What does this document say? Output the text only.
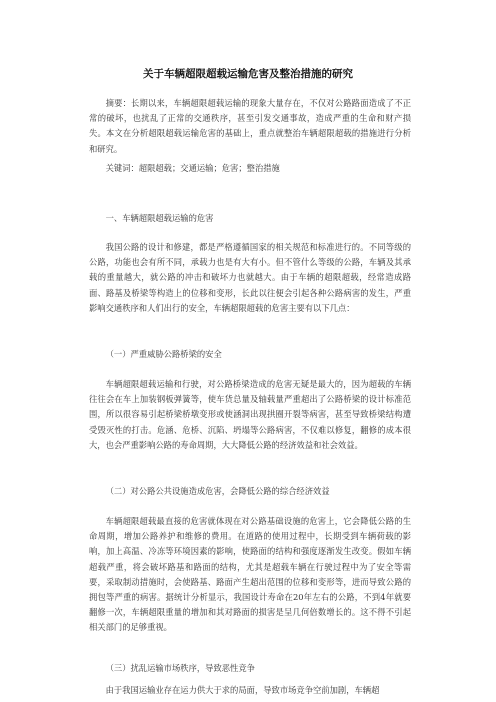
关于车辆超限超载运输危害及整治措施的研究
摘要：长期以来，车辆超限超载运输的现象大量存在，不仅对公路路面造成了不正常的破坏，也扰乱了正常的交通秩序，甚至引发交通事故，造成严重的生命和财产损失。本文在分析超限超载运输危害的基础上，重点就整治车辆超限超载的措施进行分析和研究。
关键词：超限超载；交通运输；危害；整治措施
一、车辆超限超载运输的危害
我国公路的设计和修建，都是严格遵循国家的相关规范和标准进行的。不同等级的公路，功能也会有所不同，承载力也是有大有小。但不管什么等级的公路，车辆及其承载的重量越大，就公路的冲击和破坏力也就越大。由于车辆的超限超载，经常造成路面、路基及桥梁等构造上的位移和变形，长此以往便会引起各种公路病害的发生，严重影响交通秩序和人们出行的安全，车辆超限超载的危害主要有以下几点：
（一）严重威胁公路桥梁的安全
车辆超限超载运输和行驶，对公路桥梁造成的危害无疑是最大的，因为超载的车辆往往会在车上加装钢板弹簧等，使车货总量及轴载量严重超出了公路桥梁的设计标准范围，所以很容易引起桥梁桥墩变形或使涵洞出现拱圈开裂等病害，甚至导致桥梁结构遭受毁灭性的打击。危涵、危桥、沉陷、坍塌等公路病害，不仅难以修复，翻修的成本很大，也会严重影响公路的寿命周期，大大降低公路的经济效益和社会效益。
（二）对公路公共设施造成危害，会降低公路的综合经济效益
车辆超限超载最直接的危害就体现在对公路基础设施的危害上，它会降低公路的生命周期，增加公路养护和维修的费用。在道路的使用过程中，长期受到车辆荷载的影响，加上高温、冷冻等环境因素的影响，使路面的结构和强度逐渐发生改变。假如车辆超载严重，将会破坏路基和路面的结构，尤其是超载车辆在行驶过程中为了安全等需要，采取制动措施时，会使路基、路面产生超出范围的位移和变形等，进而导致公路的拥包等严重的病害。据统计分析显示，我国设计寿命在20年左右的公路，不到4年就要翻修一次，车辆超限重量的增加和其对路面的损害是呈几何倍数增长的。这不得不引起相关部门的足够重视。
（三）扰乱运输市场秩序，导致恶性竞争
由于我国运输业存在运力供大于求的局面，导致市场竞争空前加剧，车辆超
